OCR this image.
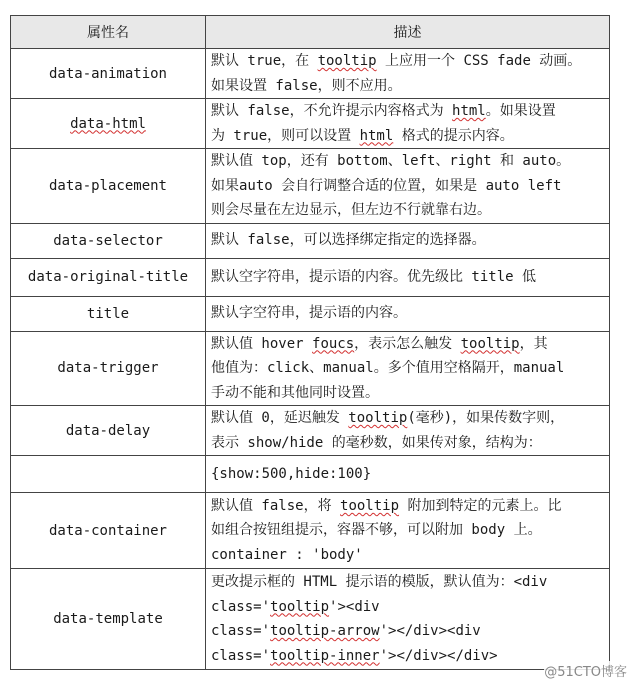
属性名	描述
data-animation	默认 true，在 tooltip 上应用一个 CSS fade 动画。
如果设置 false，则不应用。

data-html	默认 false，不允许提示内容格式为 html。如果设置
为 true，则可以设置 html 格式的提示内容。

data-placement	默认值 top，还有 bottom、left、right 和 auto。
如果auto 会自行调整合适的位置，如果是 auto left
则会尽量在左边显示，但左边不行就靠右边。

data-selector	默认 false，可以选择绑定指定的选择器。

data-original-title	默认空字符串，提示语的内容。优先级比 title 低

title	默认字空符串，提示语的内容。

data-trigger	默认值 hover foucs，表示怎么触发 tooltip，其
他值为：click、manual。多个值用空格隔开，manual
手动不能和其他同时设置。

data-delay	默认值 0，延迟触发 tooltip(毫秒)，如果传数字则，
表示 show/hide 的毫秒数，如果传对象，结构为：

	{show:500,hide:100}

data-container	默认值 false，将 tooltip 附加到特定的元素上。比
如组合按钮组提示，容器不够，可以附加 body 上。
container : 'body'

data-template	更改提示框的 HTML 提示语的模版，默认值为：<div
class='tooltip'><div
class='tooltip-arrow'></div><div
class='tooltip-inner'></div></div>
@51CTO博客
